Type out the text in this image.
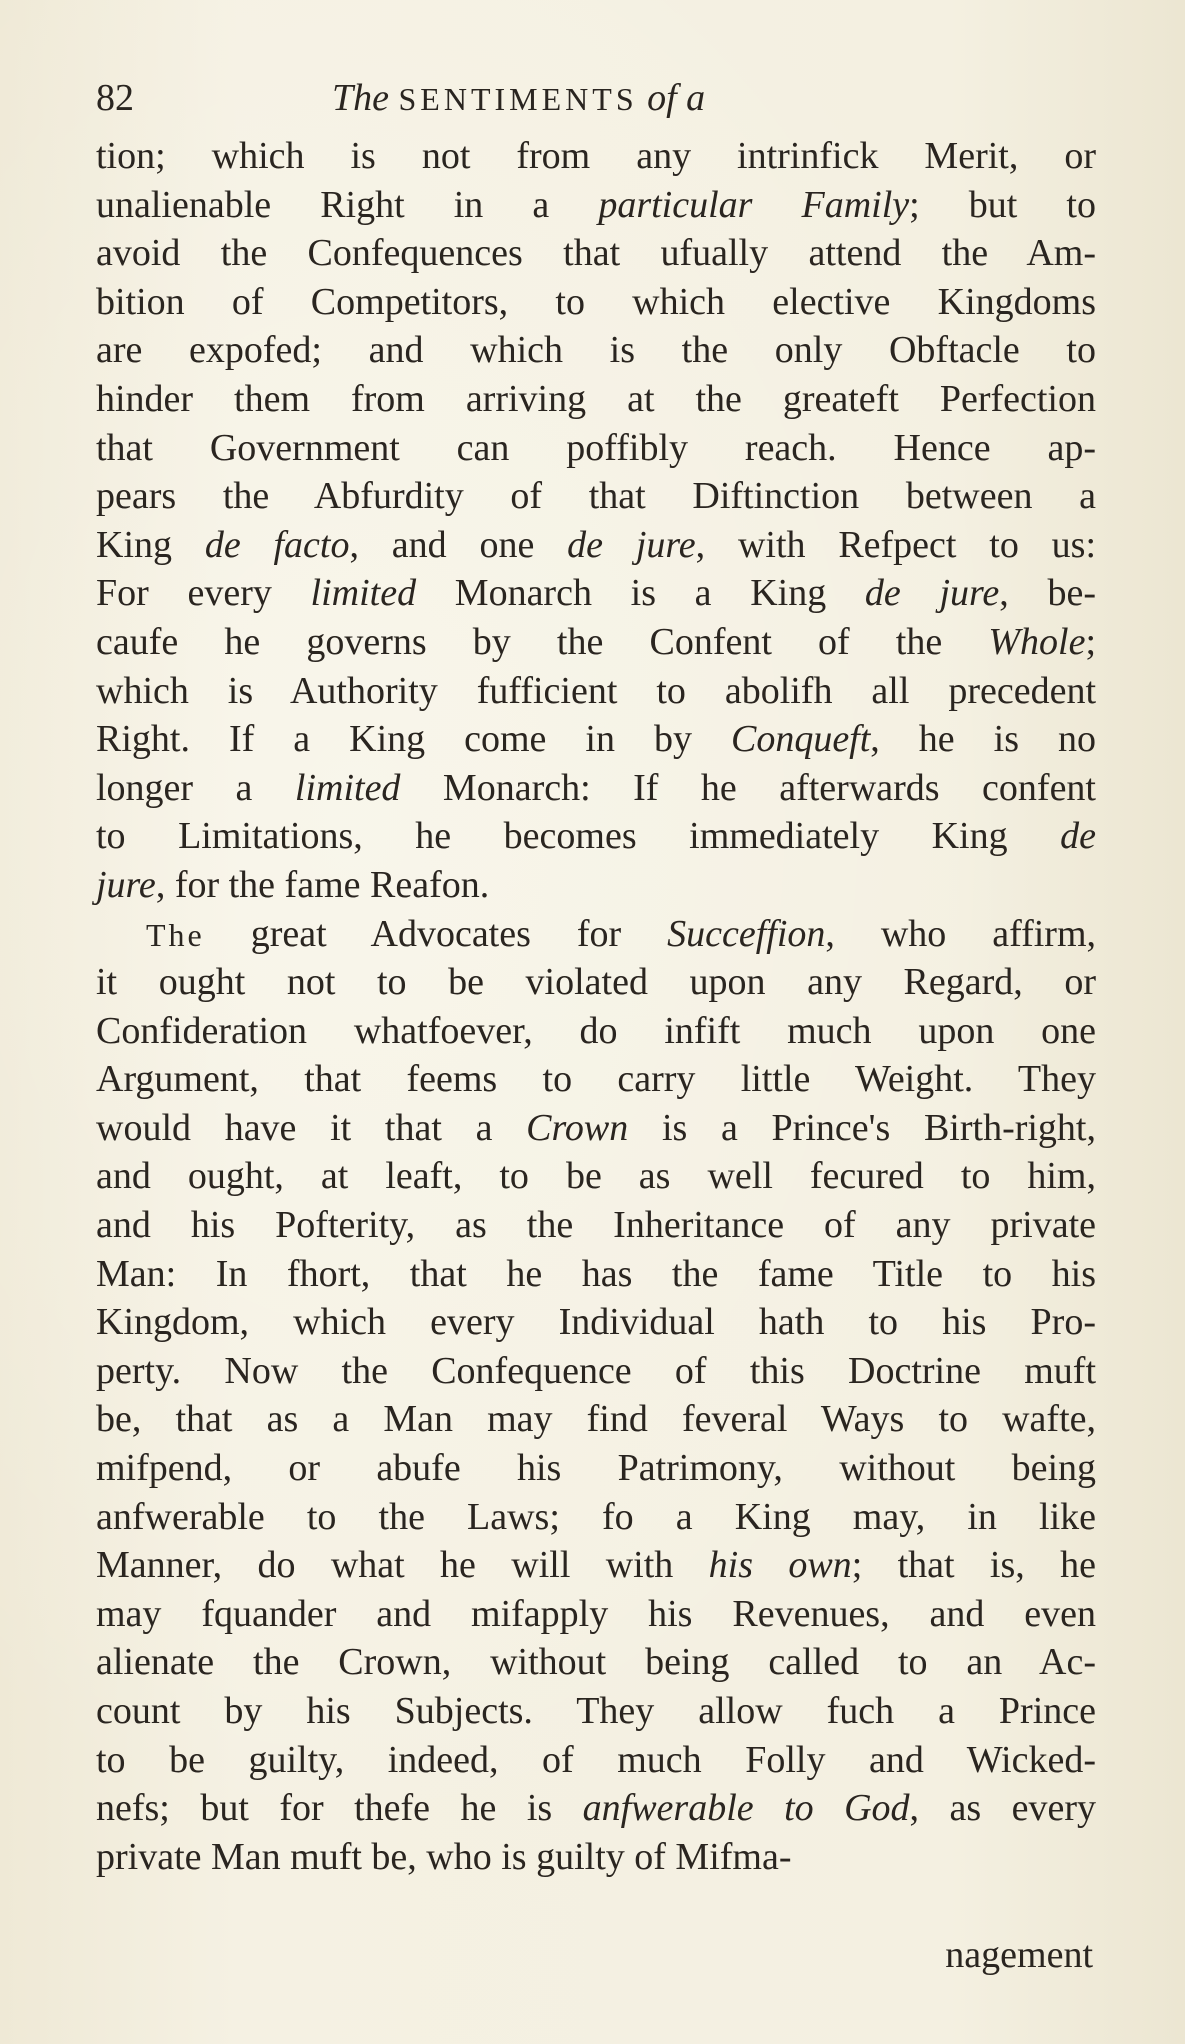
82	The SENTIMENTS of a
tion; which is not from any intrinfick Merit, or
unalienable Right in a particular Family; but to
avoid the Confequences that ufually attend the Am-
bition of Competitors, to which elective Kingdoms
are expofed; and which is the only Obftacle to
hinder them from arriving at the greateft Perfection
that Government can poffibly reach. Hence ap-
pears the Abfurdity of that Diftinction between a
King de facto, and one de jure, with Refpect to us:
For every limited Monarch is a King de jure, be-
caufe he governs by the Confent of the Whole;
which is Authority fufficient to abolifh all precedent
Right. If a King come in by Conqueft, he is no
longer a limited Monarch: If he afterwards confent
to Limitations, he becomes immediately King de
jure, for the fame Reafon.
The great Advocates for Succeffion, who affirm,
it ought not to be violated upon any Regard, or
Confideration whatfoever, do infift much upon one
Argument, that feems to carry little Weight. They
would have it that a Crown is a Prince's Birth-right,
and ought, at leaft, to be as well fecured to him,
and his Pofterity, as the Inheritance of any private
Man: In fhort, that he has the fame Title to his
Kingdom, which every Individual hath to his Pro-
perty. Now the Confequence of this Doctrine muft
be, that as a Man may find feveral Ways to wafte,
mifpend, or abufe his Patrimony, without being
anfwerable to the Laws; fo a King may, in like
Manner, do what he will with his own; that is, he
may fquander and mifapply his Revenues, and even
alienate the Crown, without being called to an Ac-
count by his Subjects. They allow fuch a Prince
to be guilty, indeed, of much Folly and Wicked-
nefs; but for thefe he is anfwerable to God, as every
private Man muft be, who is guilty of Mifma-
nagement
